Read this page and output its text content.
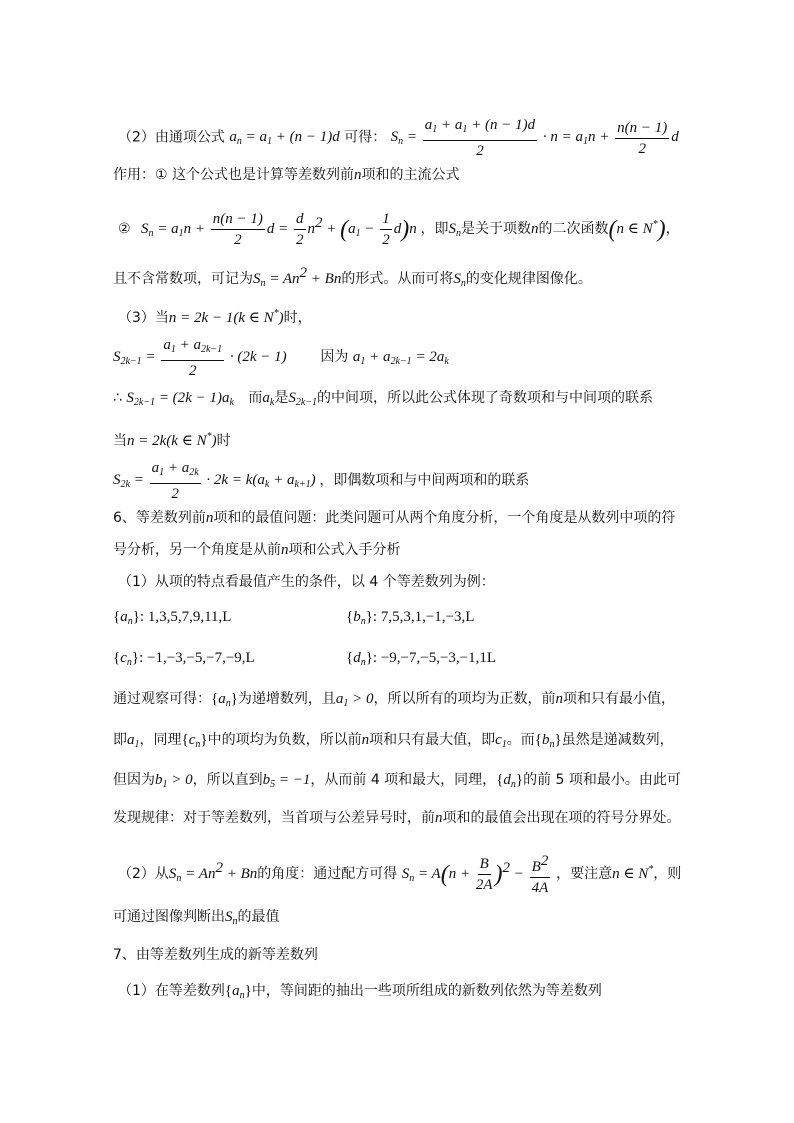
（2）由通项公式 $a_n = a_1 + (n - 1)d$ 可得： $S_n = \frac{a_1 + a_1 + (n - 1)d}{2} \cdot n = a_1n + \frac{n(n - 1)}{2}$ d
作用：① 这个公式也是计算等差数列前n项和的主流公式
② $S_n = a_1n + \frac{n(n - 1)}{2}$ $d = \frac{d}{2} n^2 + (a_1 - \frac{1}{2} d)n$ ，即$S_n$是关于项数n的二次函数(n ∈ N*)，
且不含常数项，可记为$S_n = An^2 + Bn$的形式。从而可将$S_n$的变化规律图像化。
（3）当n = 2k − 1(k ∈ N*)时，
$S_{2k-1} = \frac{a_1 + a_{2k-1}}{2} \cdot (2k - 1)$ 因为 $a_1 + a_{2k-1} = 2a_k$
∴ $S_{2k-1} = (2k - 1)a_k$ 而$a_k$是$S_{2k-1}$的中间项，所以此公式体现了奇数项和与中间项的联系
当n = 2k(k ∈ N*)时
$S_{2k} = \frac{a_1 + a_{2k}}{2} \cdot 2k = k(a_k + a_{k+1})$ ，即偶数项和与中间两项和的联系
6、等差数列前n项和的最值问题：此类问题可从两个角度分析，一个角度是从数列中项的符
号分析，另一个角度是从前n项和公式入手分析
（1）从项的特点看最值产生的条件，以 4 个等差数列为例：
$\{a_n\}$: 1,3,5,7,9,11,L	$\{b_n\}$: 7,5,3,1,−1,−3,L
$\{c_n\}$: −1,−3,−5,−7,−9,L	$\{d_n\}$: −9,−7,−5,−3,−1,1L
通过观察可得：$\{a_n\}$为递增数列，且$a_1 > 0$，所以所有的项均为正数，前n项和只有最小值，
即$a_1$，同理$\{c_n\}$中的项均为负数，所以前n项和只有最大值，即$c_1$。而$\{b_n\}$虽然是递减数列，
但因为$b_1 > 0$，所以直到$b_5 = -1$，从而前 4 项和最大，同理，$\{d_n\}$的前 5 项和最小。由此可
发现规律：对于等差数列，当首项与公差异号时，前n项和的最值会出现在项的符号分界处。
（2）从$S_n = An^2 + Bn$的角度：通过配方可得 $S_n = A(n + \frac{B}{2A} )^2 - \frac{B^2}{4A}$ ，要注意n ∈ N*，则
可通过图像判断出$S_n$的最值
7、由等差数列生成的新等差数列
（1）在等差数列$\{a_n\}$中，等间距的抽出一些项所组成的新数列依然为等差数列
